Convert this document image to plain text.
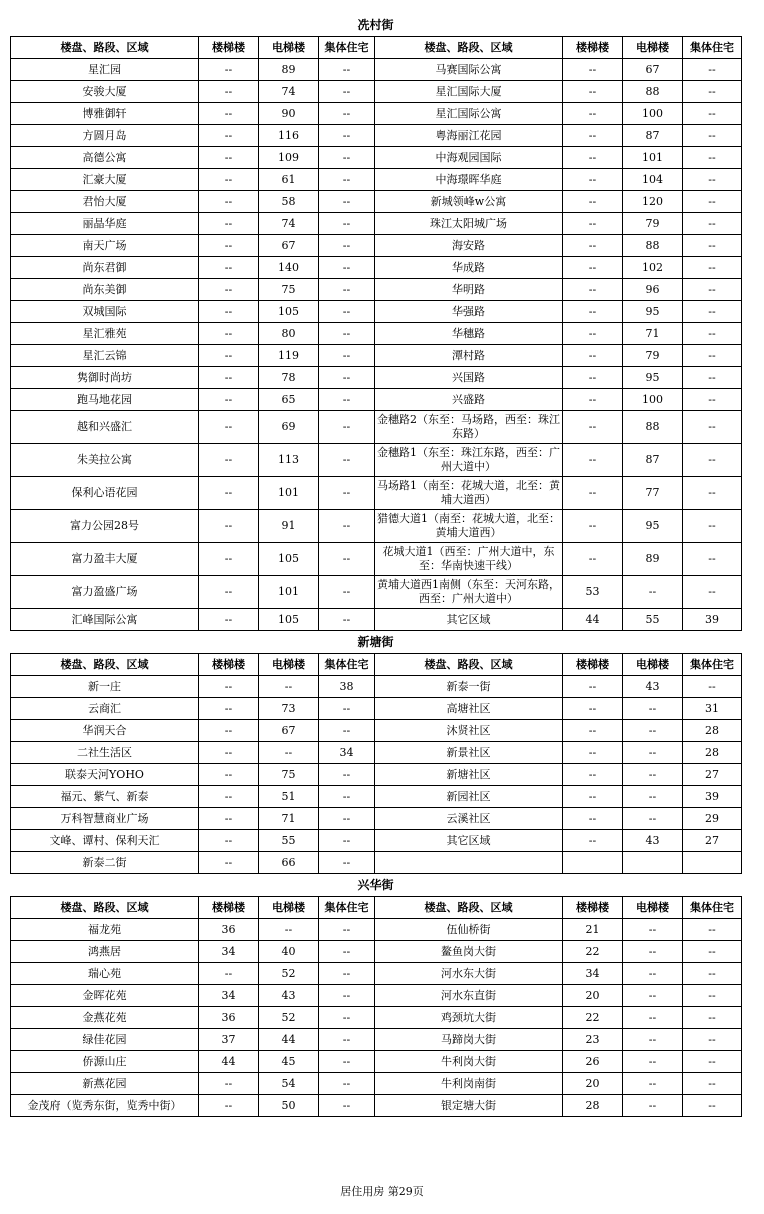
冼村街
楼盘、路段、区域	楼梯楼	电梯楼	集体住宅	楼盘、路段、区域	楼梯楼	电梯楼	集体住宅
星汇园	--	89	--	马赛国际公寓	--	67	--
安骏大厦	--	74	--	星汇国际大厦	--	88	--
博雅御轩	--	90	--	星汇国际公寓	--	100	--
方圆月岛	--	116	--	粤海丽江花园	--	87	--
高德公寓	--	109	--	中海观园国际	--	101	--
汇豪大厦	--	61	--	中海璟晖华庭	--	104	--
君怡大厦	--	58	--	新城领峰w公寓	--	120	--
丽晶华庭	--	74	--	珠江太阳城广场	--	79	--
南天广场	--	67	--	海安路	--	88	--
尚东君御	--	140	--	华成路	--	102	--
尚东美御	--	75	--	华明路	--	96	--
双城国际	--	105	--	华强路	--	95	--
星汇雅苑	--	80	--	华穗路	--	71	--
星汇云锦	--	119	--	潭村路	--	79	--
隽御时尚坊	--	78	--	兴国路	--	95	--
跑马地花园	--	65	--	兴盛路	--	100	--
越和兴盛汇	--	69	--	金穗路2（东至：马场路，西至：珠江东路）	--	88	--
朱美拉公寓	--	113	--	金穗路1（东至：珠江东路，西至：广州大道中）	--	87	--
保利心语花园	--	101	--	马场路1（南至：花城大道，北至：黄埔大道西）	--	77	--
富力公园28号	--	91	--	猎德大道1（南至：花城大道，北至：黄埔大道西）	--	95	--
富力盈丰大厦	--	105	--	花城大道1（西至：广州大道中，东至：华南快速干线）	--	89	--
富力盈盛广场	--	101	--	黄埔大道西1南侧（东至：天河东路，西至：广州大道中）	53	--	--
汇峰国际公寓	--	105	--	其它区域	44	55	39
新塘街
楼盘、路段、区域	楼梯楼	电梯楼	集体住宅	楼盘、路段、区域	楼梯楼	电梯楼	集体住宅
新一庄	--	--	38	新泰一街	--	43	--
云商汇	--	73	--	高塘社区	--	--	31
华润天合	--	67	--	沐贤社区	--	--	28
二社生活区	--	--	34	新景社区	--	--	28
联泰天河YOHO	--	75	--	新塘社区	--	--	27
福元、紫气、新泰	--	51	--	新园社区	--	--	39
万科智慧商业广场	--	71	--	云溪社区	--	--	29
文峰、谭村、保利天汇	--	55	--	其它区域	--	43	27
新泰二街	--	66	--				
兴华街
楼盘、路段、区域	楼梯楼	电梯楼	集体住宅	楼盘、路段、区域	楼梯楼	电梯楼	集体住宅
福龙苑	36	--	--	伍仙桥街	21	--	--
鸿燕居	34	40	--	鳌鱼岗大街	22	--	--
瑞心苑	--	52	--	河水东大街	34	--	--
金晖花苑	34	43	--	河水东直街	20	--	--
金燕花苑	36	52	--	鸡颈坑大街	22	--	--
绿佳花园	37	44	--	马蹄岗大街	23	--	--
侨源山庄	44	45	--	牛利岗大街	26	--	--
新燕花园	--	54	--	牛利岗南街	20	--	--
金茂府（览秀东街，览秀中街）	--	50	--	银定塘大街	28	--	--
居住用房 第29页
